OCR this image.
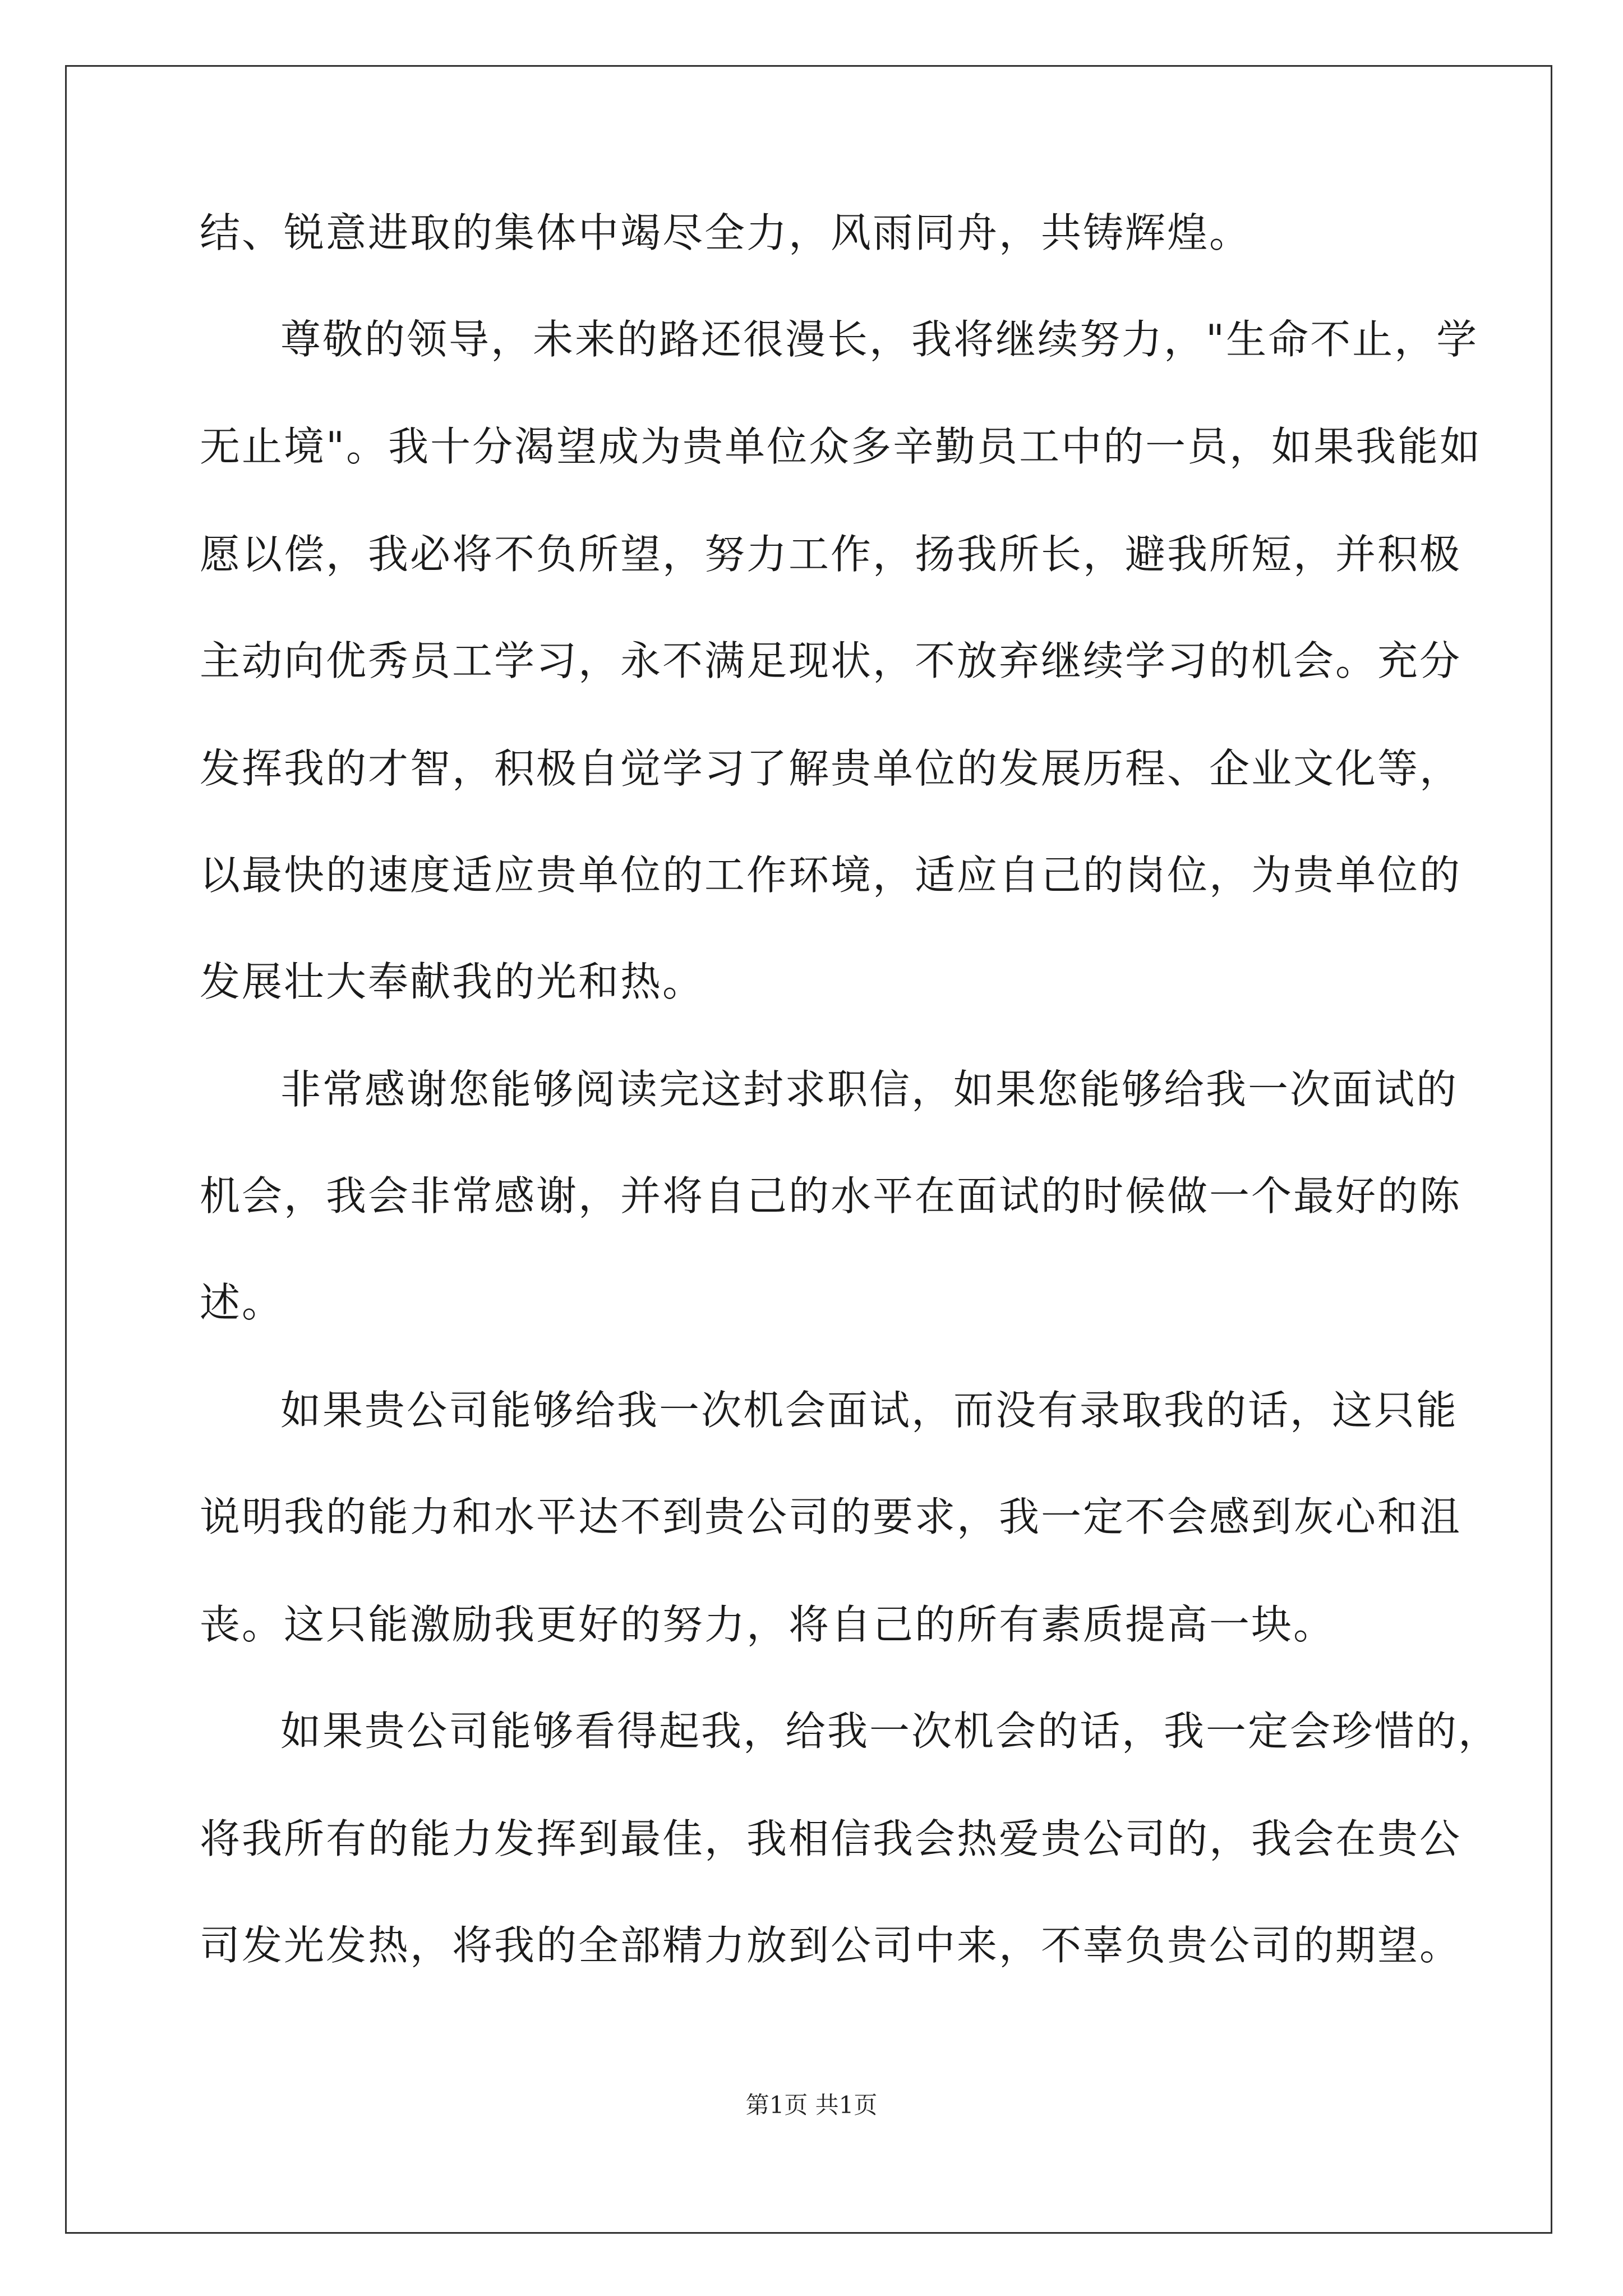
结、锐意进取的集体中竭尽全力，风雨同舟，共铸辉煌。
尊敬的领导，未来的路还很漫长，我将继续努力，"生命不止，学
无止境"。我十分渴望成为贵单位众多辛勤员工中的一员，如果我能如
愿以偿，我必将不负所望，努力工作，扬我所长，避我所短，并积极
主动向优秀员工学习，永不满足现状，不放弃继续学习的机会。充分
发挥我的才智，积极自觉学习了解贵单位的发展历程、企业文化等，
以最快的速度适应贵单位的工作环境，适应自己的岗位，为贵单位的
发展壮大奉献我的光和热。
非常感谢您能够阅读完这封求职信，如果您能够给我一次面试的
机会，我会非常感谢，并将自己的水平在面试的时候做一个最好的陈
述。
如果贵公司能够给我一次机会面试，而没有录取我的话，这只能
说明我的能力和水平达不到贵公司的要求，我一定不会感到灰心和沮
丧。这只能激励我更好的努力，将自己的所有素质提高一块。
如果贵公司能够看得起我，给我一次机会的话，我一定会珍惜的，
将我所有的能力发挥到最佳，我相信我会热爱贵公司的，我会在贵公
司发光发热，将我的全部精力放到公司中来，不辜负贵公司的期望。
第1页 共1页
